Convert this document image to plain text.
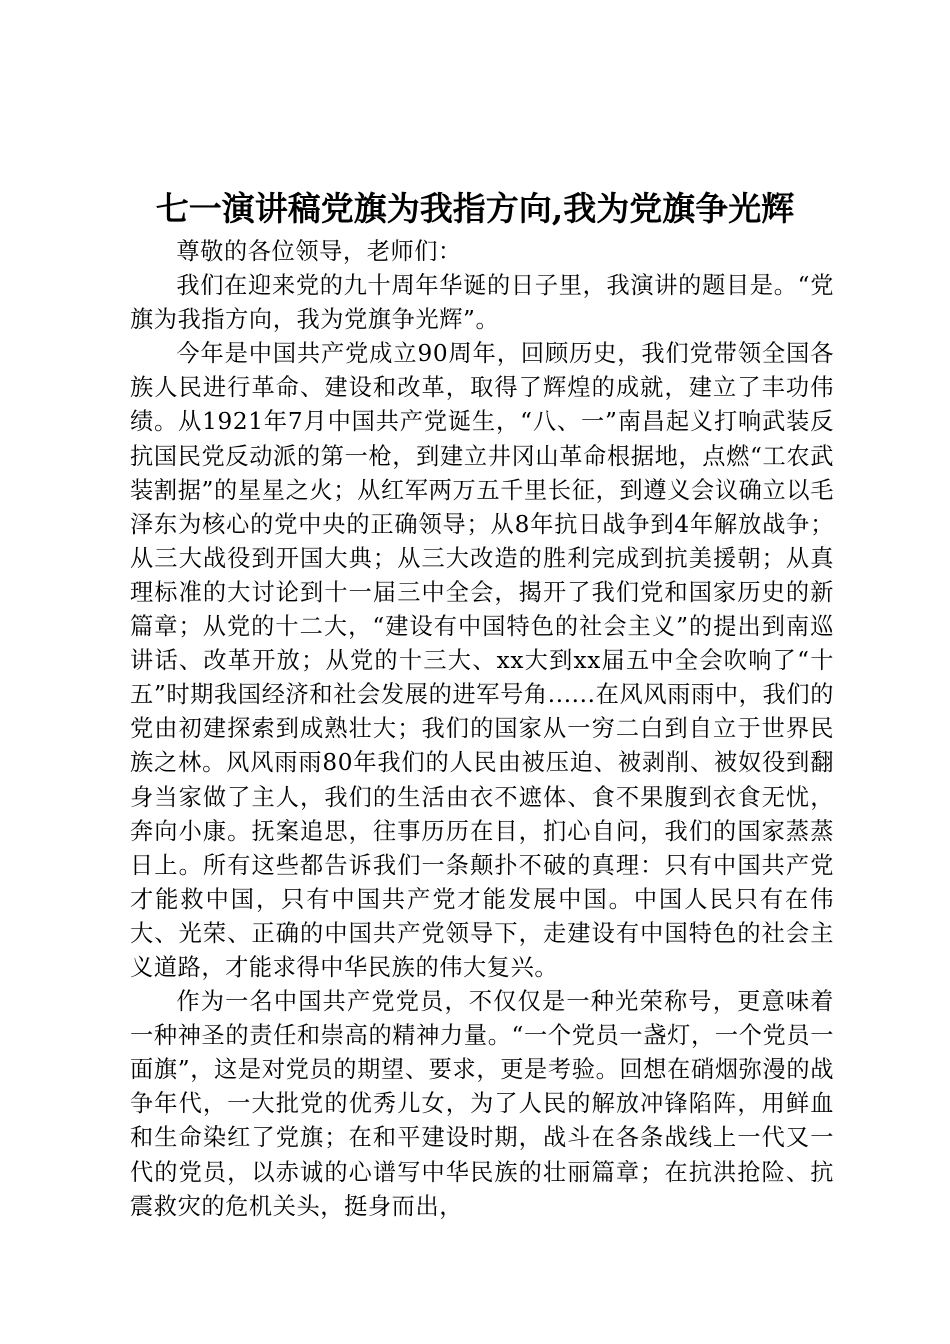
七一演讲稿党旗为我指方向,我为党旗争光辉

尊敬的各位领导，老师们：

我们在迎来党的九十周年华诞的日子里，我演讲的题目是。“党旗为我指方向，我为党旗争光辉”。

今年是中国共产党成立90周年，回顾历史，我们党带领全国各族人民进行革命、建设和改革，取得了辉煌的成就，建立了丰功伟绩。从1921年7月中国共产党诞生，“八、一”南昌起义打响武装反抗国民党反动派的第一枪，到建立井冈山革命根据地，点燃“工农武装割据”的星星之火；从红军两万五千里长征，到遵义会议确立以毛泽东为核心的党中央的正确领导；从8年抗日战争到4年解放战争；从三大战役到开国大典；从三大改造的胜利完成到抗美援朝；从真理标准的大讨论到十一届三中全会，揭开了我们党和国家历史的新篇章；从党的十二大，“建设有中国特色的社会主义”的提出到南巡讲话、改革开放；从党的十三大、xx大到xx届五中全会吹响了“十五”时期我国经济和社会发展的进军号角......在风风雨雨中，我们的党由初建探索到成熟壮大；我们的国家从一穷二白到自立于世界民族之林。风风雨雨80年我们的人民由被压迫、被剥削、被奴役到翻身当家做了主人，我们的生活由衣不遮体、食不果腹到衣食无忧，奔向小康。抚案追思，往事历历在目，扪心自问，我们的国家蒸蒸日上。所有这些都告诉我们一条颠扑不破的真理：只有中国共产党才能救中国，只有中国共产党才能发展中国。中国人民只有在伟大、光荣、正确的中国共产党领导下，走建设有中国特色的社会主义道路，才能求得中华民族的伟大复兴。

作为一名中国共产党党员，不仅仅是一种光荣称号，更意味着一种神圣的责任和崇高的精神力量。“一个党员一盏灯，一个党员一面旗”，这是对党员的期望、要求，更是考验。回想在硝烟弥漫的战争年代，一大批党的优秀儿女，为了人民的解放冲锋陷阵，用鲜血和生命染红了党旗；在和平建设时期，战斗在各条战线上一代又一代的党员，以赤诚的心谱写中华民族的壮丽篇章；在抗洪抢险、抗震救灾的危机关头，挺身而出，
